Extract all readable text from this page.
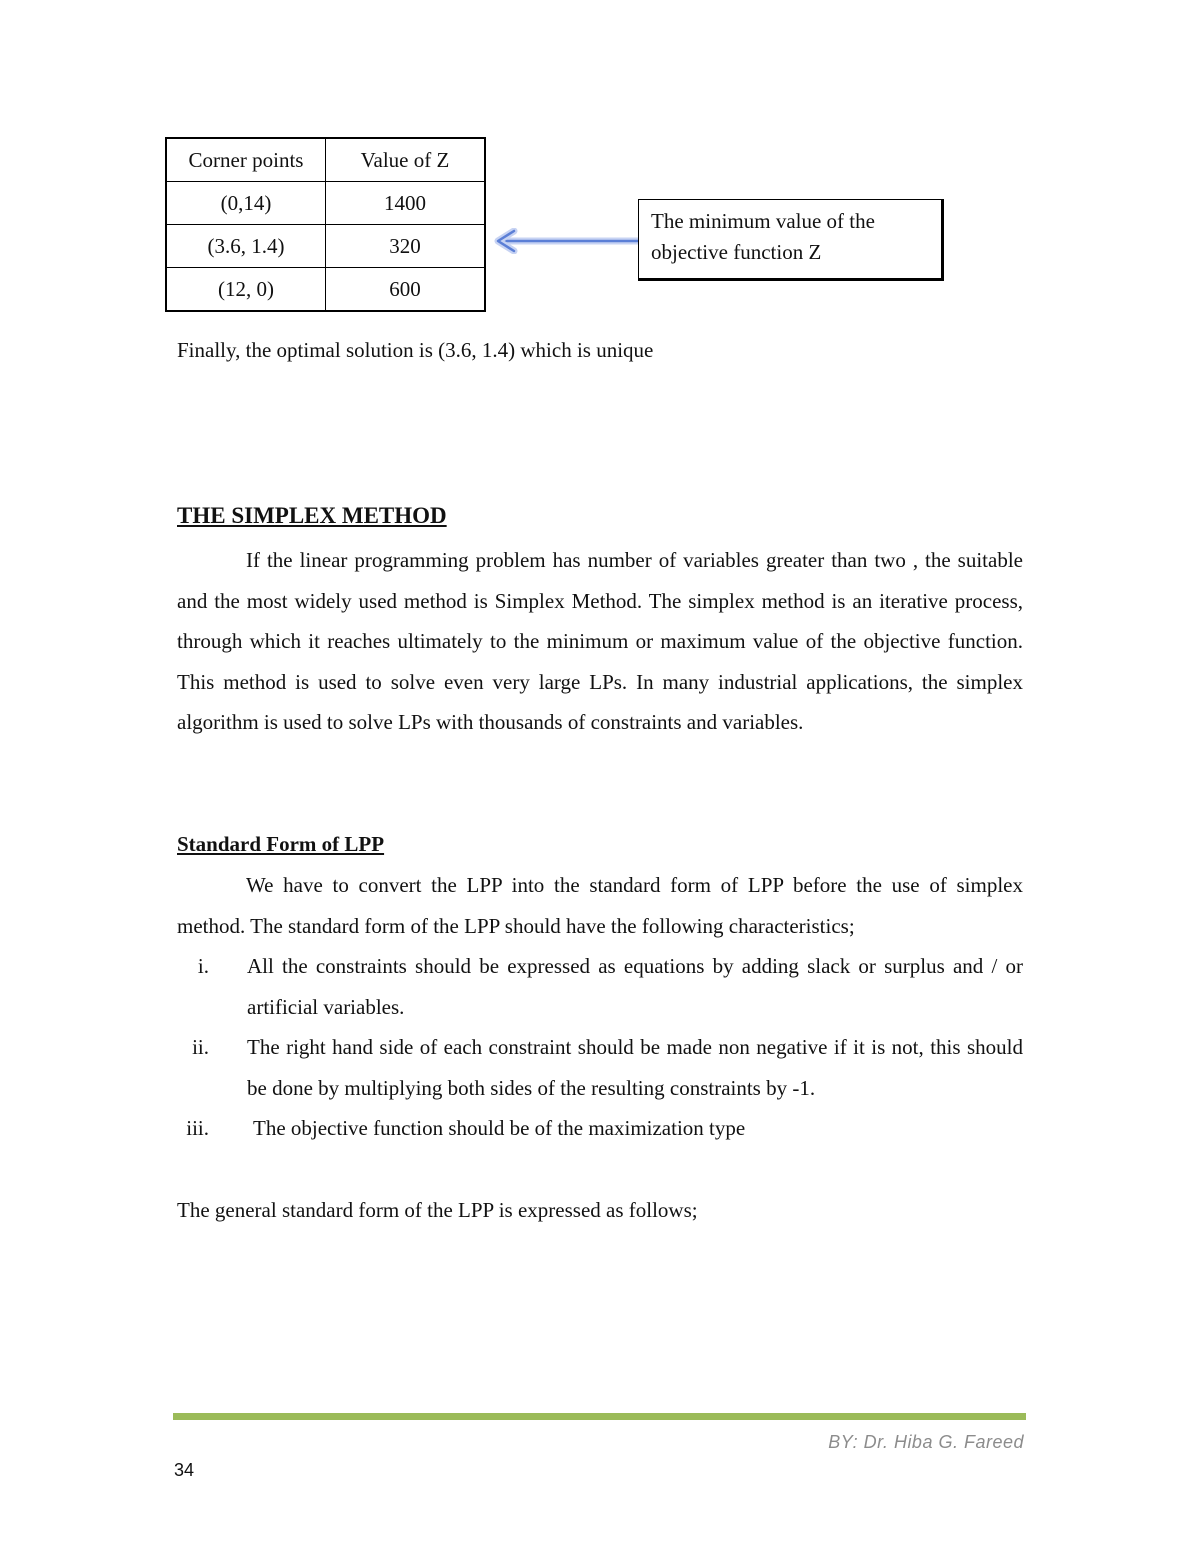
Corner points	Value of Z
(0,14)	1400
(3.6, 1.4)	320
(12, 0)	600
The minimum value of the
objective function Z
Finally, the optimal solution is (3.6, 1.4) which is unique
THE SIMPLEX METHOD

If the linear programming problem has number of variables greater than two , the suitable and the most widely used method is Simplex Method. The simplex method is an iterative process, through which it reaches ultimately to the minimum or maximum value of the objective function. This method is used to solve even very large LPs. In many industrial applications, the simplex algorithm is used to solve LPs with thousands of constraints and variables.

Standard Form of LPP

We have to convert the LPP into the standard form of LPP before the use of simplex method. The standard form of the LPP should have the following characteristics;

i. All the constraints should be expressed as equations by adding slack or surplus and / or artificial variables.
ii. The right hand side of each constraint should be made non negative if it is not, this should be done by multiplying both sides of the resulting constraints by -1.
iii. The objective function should be of the maximization type
The general standard form of the LPP is expressed as follows;
BY: Dr. Hiba G. Fareed
34
